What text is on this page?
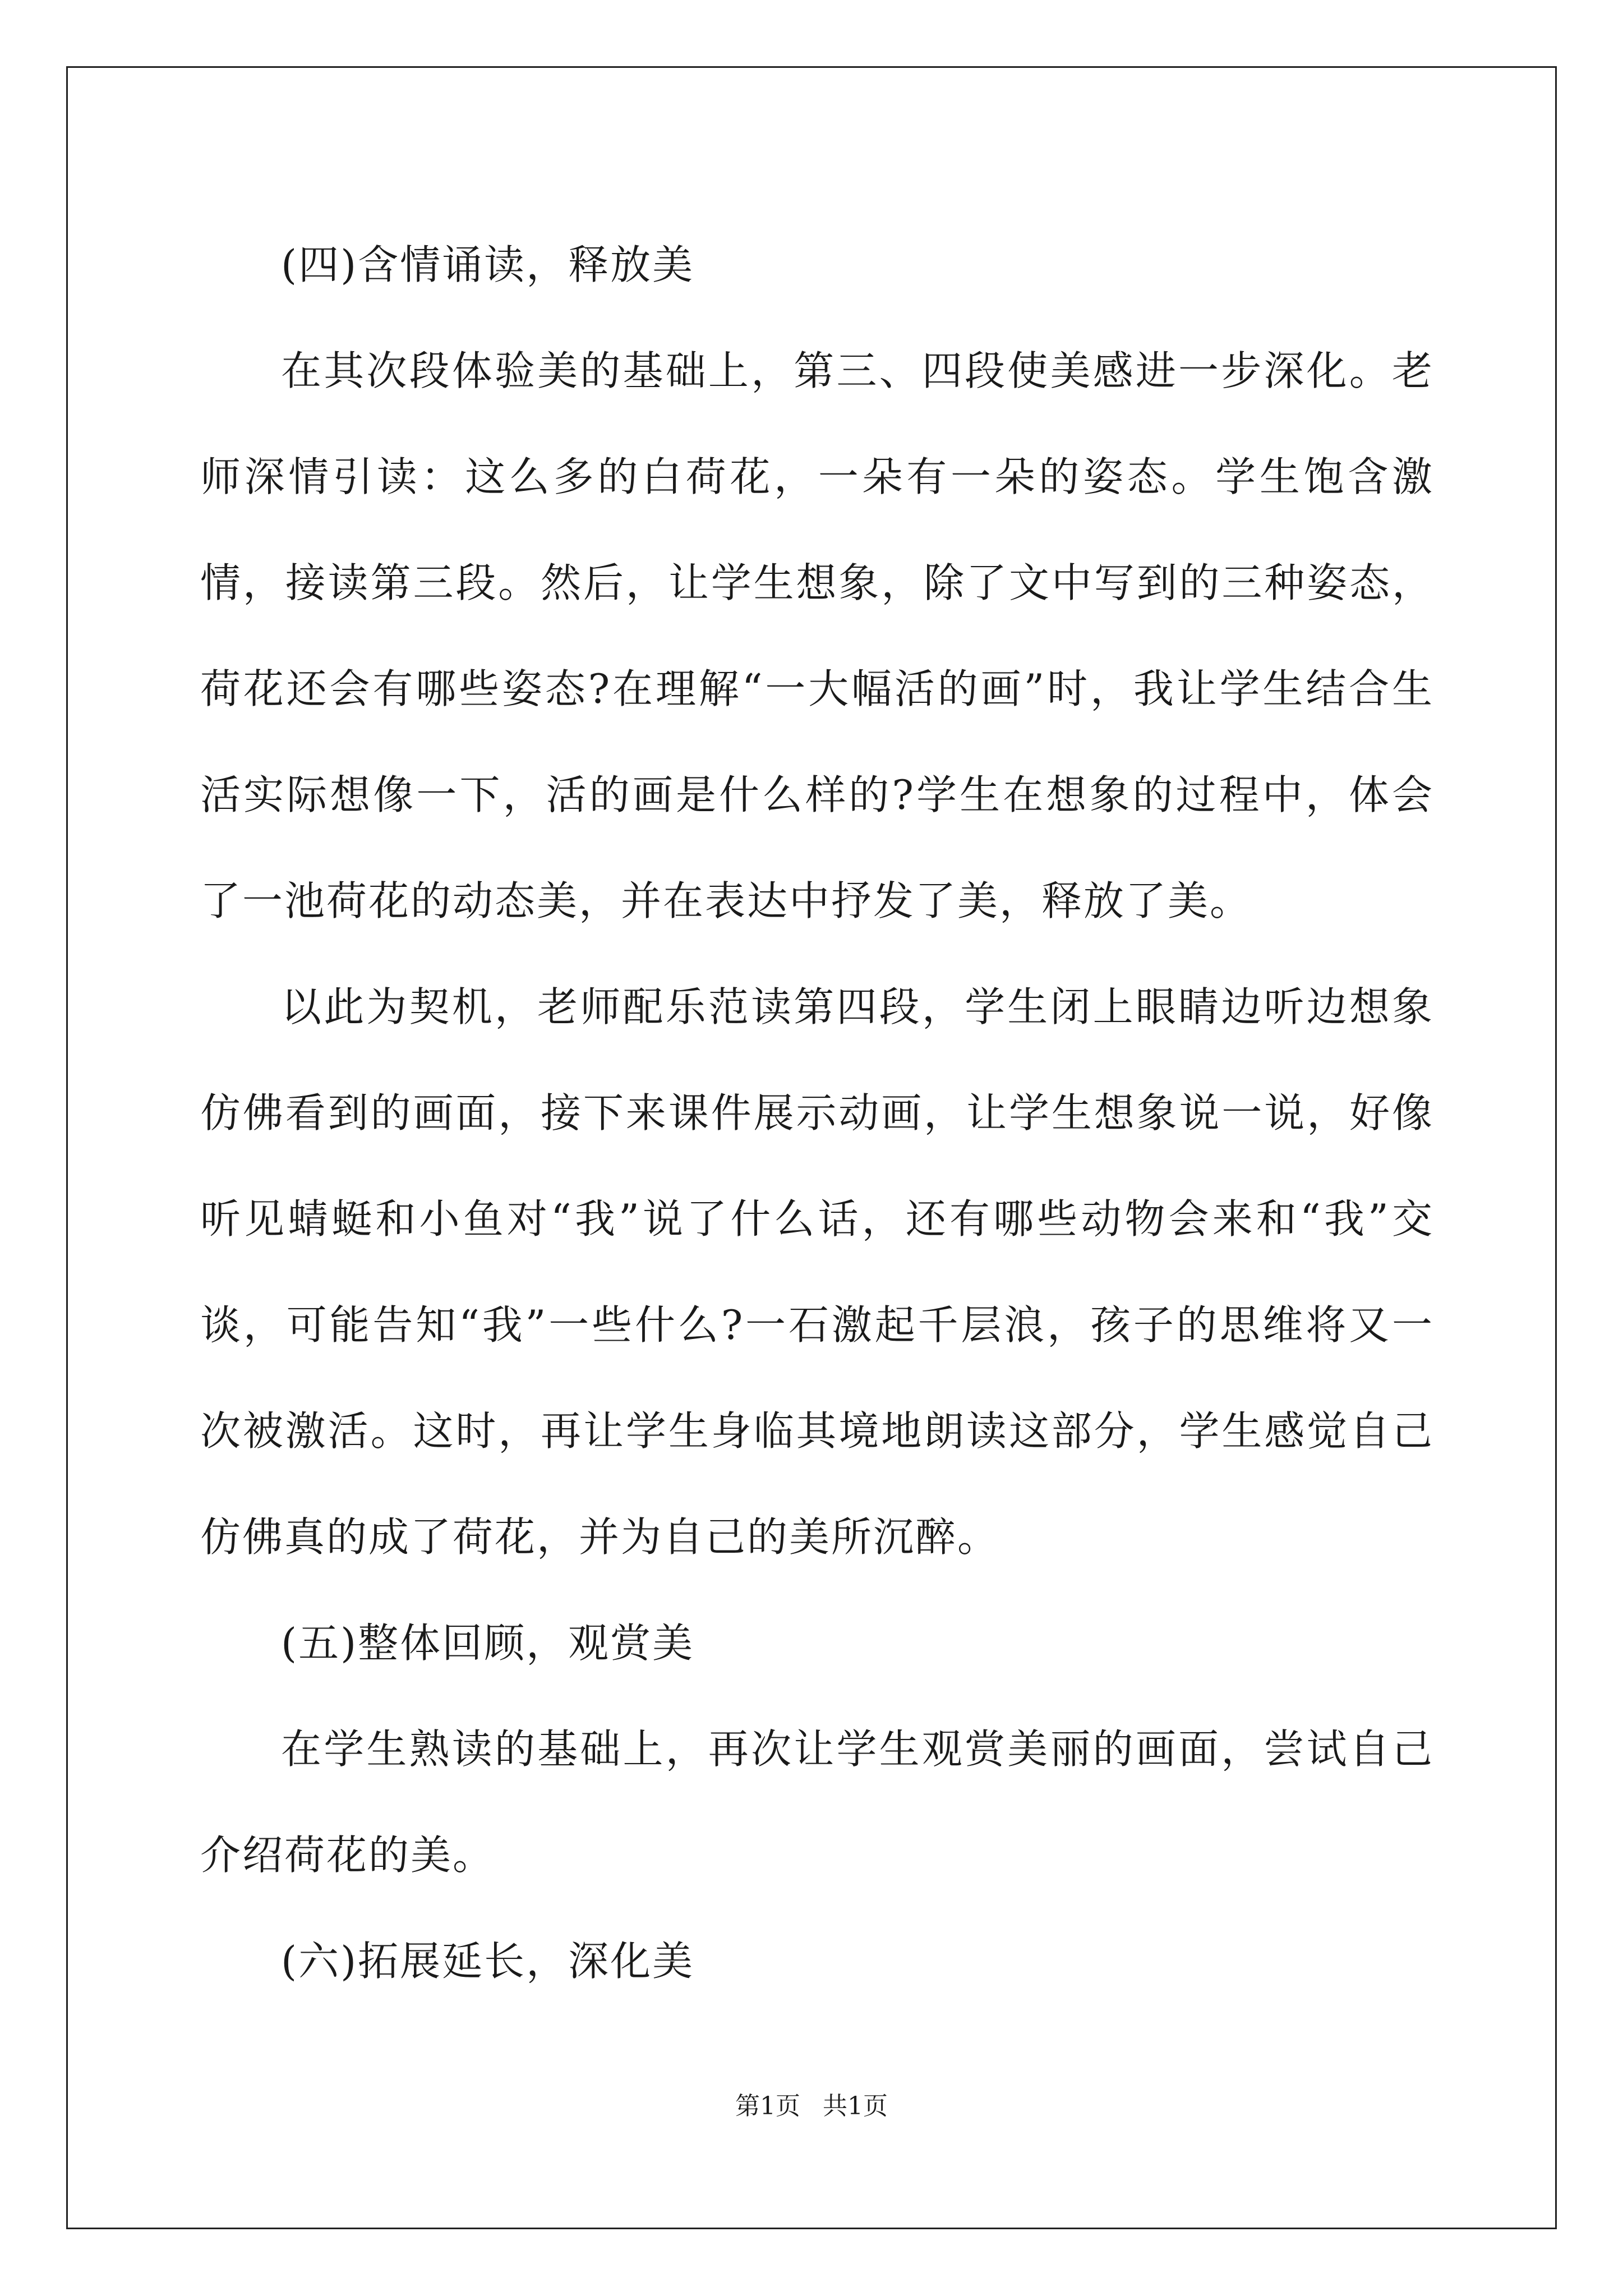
(四)含情诵读，释放美

在其次段体验美的基础上，第三、四段使美感进一步深化。老师深情引读：这么多的白荷花，一朵有一朵的姿态。学生饱含激情，接读第三段。然后，让学生想象，除了文中写到的三种姿态，荷花还会有哪些姿态?在理解“一大幅活的画”时，我让学生结合生活实际想像一下，活的画是什么样的?学生在想象的过程中，体会了一池荷花的动态美，并在表达中抒发了美，释放了美。

以此为契机，老师配乐范读第四段，学生闭上眼睛边听边想象仿佛看到的画面，接下来课件展示动画，让学生想象说一说，好像听见蜻蜓和小鱼对“我”说了什么话，还有哪些动物会来和“我”交谈，可能告知“我”一些什么?一石激起千层浪，孩子的思维将又一次被激活。这时，再让学生身临其境地朗读这部分，学生感觉自己仿佛真的成了荷花，并为自己的美所沉醉。

(五)整体回顾，观赏美

在学生熟读的基础上，再次让学生观赏美丽的画面，尝试自己介绍荷花的美。

(六)拓展延长，深化美

第1页 共1页
